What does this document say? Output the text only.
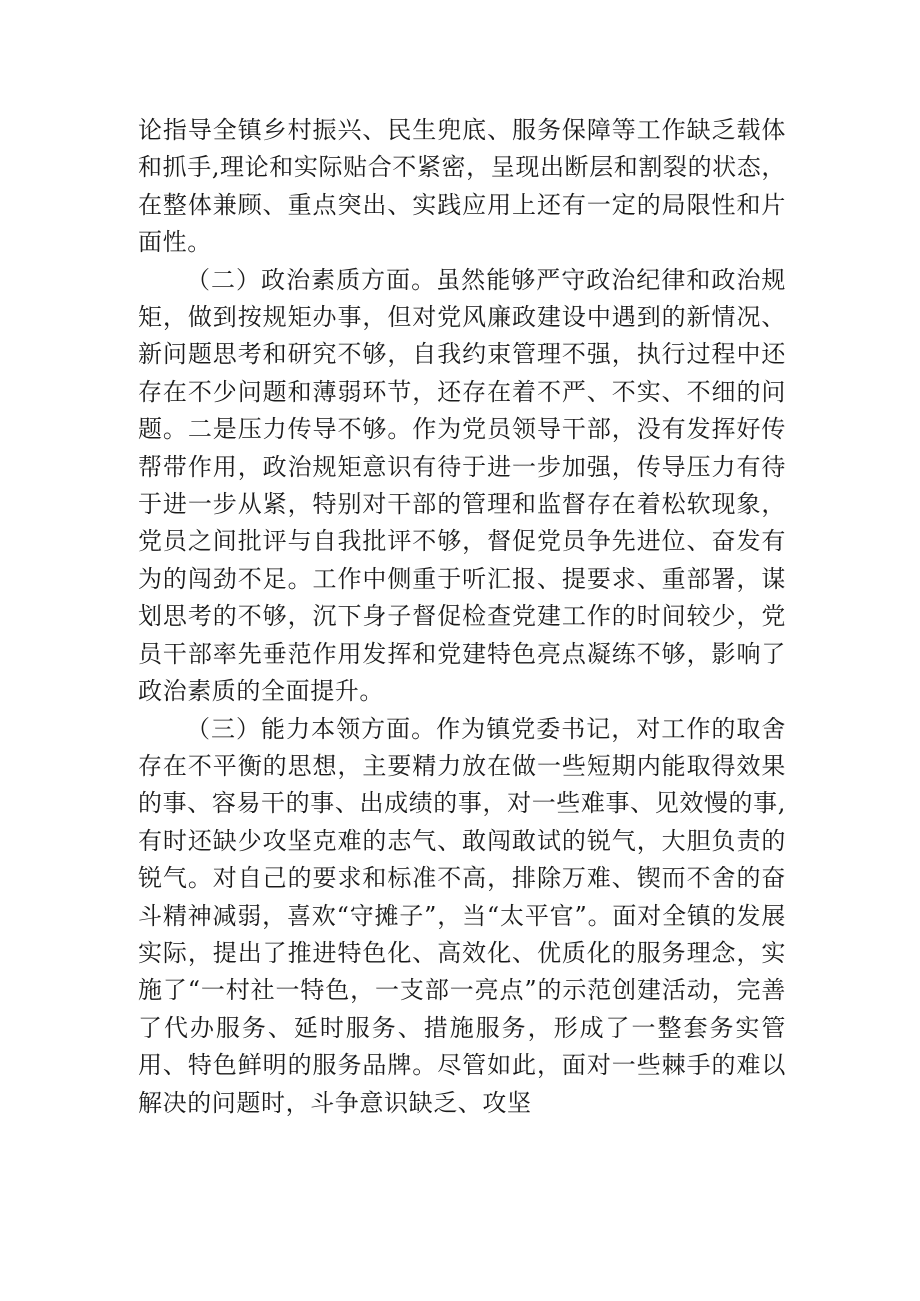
论指导全镇乡村振兴、民生兜底、服务保障等工作缺乏载体和抓手,理论和实际贴合不紧密，呈现出断层和割裂的状态，在整体兼顾、重点突出、实践应用上还有一定的局限性和片面性。

（二）政治素质方面。虽然能够严守政治纪律和政治规矩，做到按规矩办事，但对党风廉政建设中遇到的新情况、新问题思考和研究不够，自我约束管理不强，执行过程中还存在不少问题和薄弱环节，还存在着不严、不实、不细的问题。二是压力传导不够。作为党员领导干部，没有发挥好传帮带作用，政治规矩意识有待于进一步加强，传导压力有待于进一步从紧，特别对干部的管理和监督存在着松软现象，党员之间批评与自我批评不够，督促党员争先进位、奋发有为的闯劲不足。工作中侧重于听汇报、提要求、重部署，谋划思考的不够，沉下身子督促检查党建工作的时间较少，党员干部率先垂范作用发挥和党建特色亮点凝练不够，影响了政治素质的全面提升。

（三）能力本领方面。作为镇党委书记，对工作的取舍存在不平衡的思想，主要精力放在做一些短期内能取得效果的事、容易干的事、出成绩的事，对一些难事、见效慢的事,有时还缺少攻坚克难的志气、敢闯敢试的锐气，大胆负责的锐气。对自己的要求和标准不高，排除万难、锲而不舍的奋斗精神减弱，喜欢“守摊子”，当“太平官”。面对全镇的发展实际，提出了推进特色化、高效化、优质化的服务理念，实施了“一村社一特色，一支部一亮点”的示范创建活动，完善了代办服务、延时服务、措施服务，形成了一整套务实管用、特色鲜明的服务品牌。尽管如此，面对一些棘手的难以解决的问题时，斗争意识缺乏、攻坚
